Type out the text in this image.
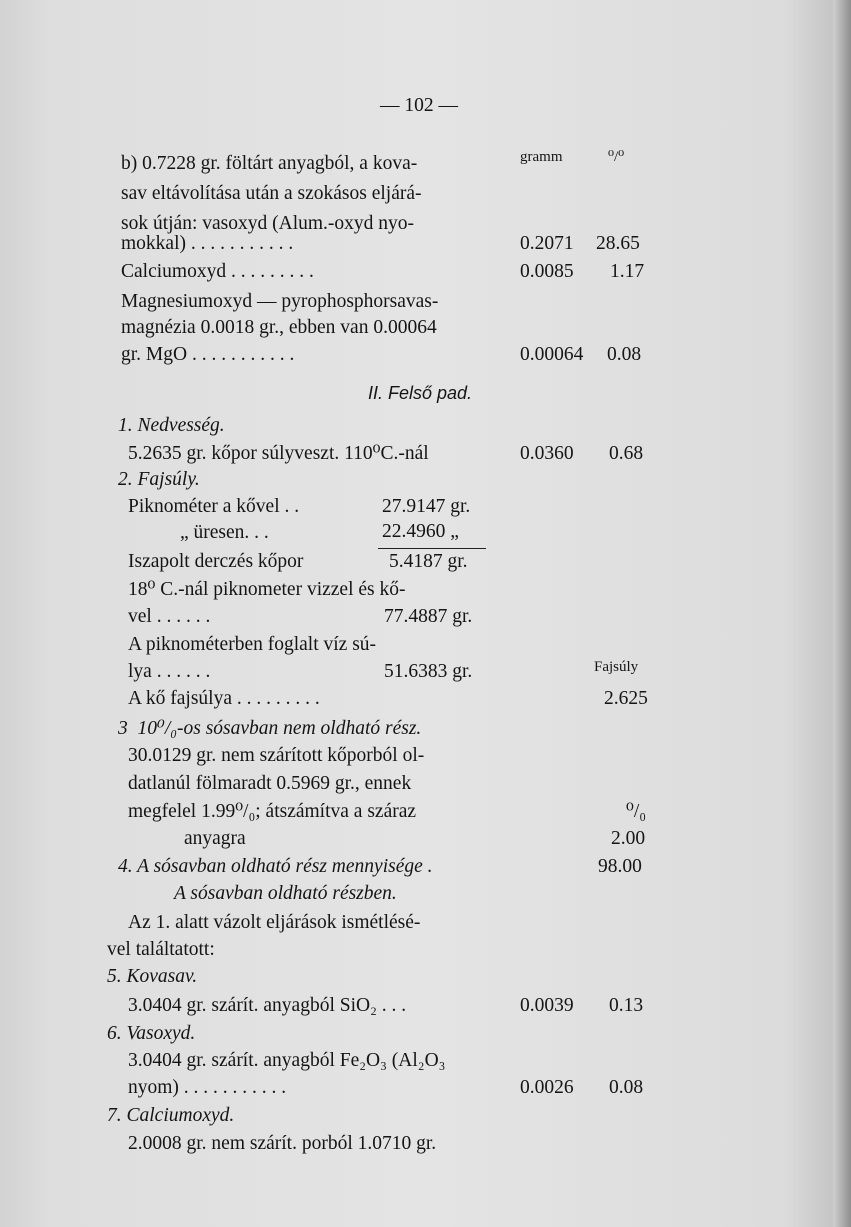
— 102 —
b) 0.7228 gr. föltárt anyagból, a kova-	gramm	⁰/⁰
sav eltávolítása után a szokásos eljárá-
sok útján: vasoxyd (Alum.-oxyd nyo-
mokkal) . . . . . . . . . . .	0.2071 28.65
Calciumoxyd . . . . . . . . .	0.0085 1.17
Magnesiumoxyd — pyrophosphorsavas-
magnézia 0.0018 gr., ebben van 0.00064
gr. MgO . . . . . . . . . . .	0.00064 0.08
II. Felső pad.
1. Nedvesség.
5.2635 gr. kőpor súlyveszt. 110⁰C.-nál	0.0360 0.68
2. Fajsúly.
Piknométer a kővel . .	27.9147 gr.
„ üresen. . .	22.4960 „
Iszapolt derczés kőpor	5.4187 gr.
18⁰ C.-nál piknometer vizzel és kő-
vel . . . . . .	77.4887 gr.
A piknométerben foglalt víz sú-
lya . . . . . .	51.6383 gr.	Fajsúly
A kő fajsúlya . . . . . . . . .	2.625
3  10⁰/₀-os sósavban nem oldható rész.
30.0129 gr. nem szárított kőporból ol-
datlanúl fölmaradt 0.5969 gr., ennek
megfelel 1.99⁰/₀; átszámítva a száraz	⁰/₀
anyagra	2.00
4. A sósavban oldható rész mennyisége .	98.00
A sósavban oldható részben.
Az 1. alatt vázolt eljárások ismétlésé-
vel találtatott:
5. Kovasav.
3.0404 gr. szárít. anyagból SiO₂ . . .	0.0039 0.13
6. Vasoxyd.
3.0404 gr. szárít. anyagból Fe₂O₃ (Al₂O₃
nyom) . . . . . . . . . . .	0.0026 0.08
7. Calciumoxyd.
2.0008 gr. nem szárít. porból 1.0710 gr.
